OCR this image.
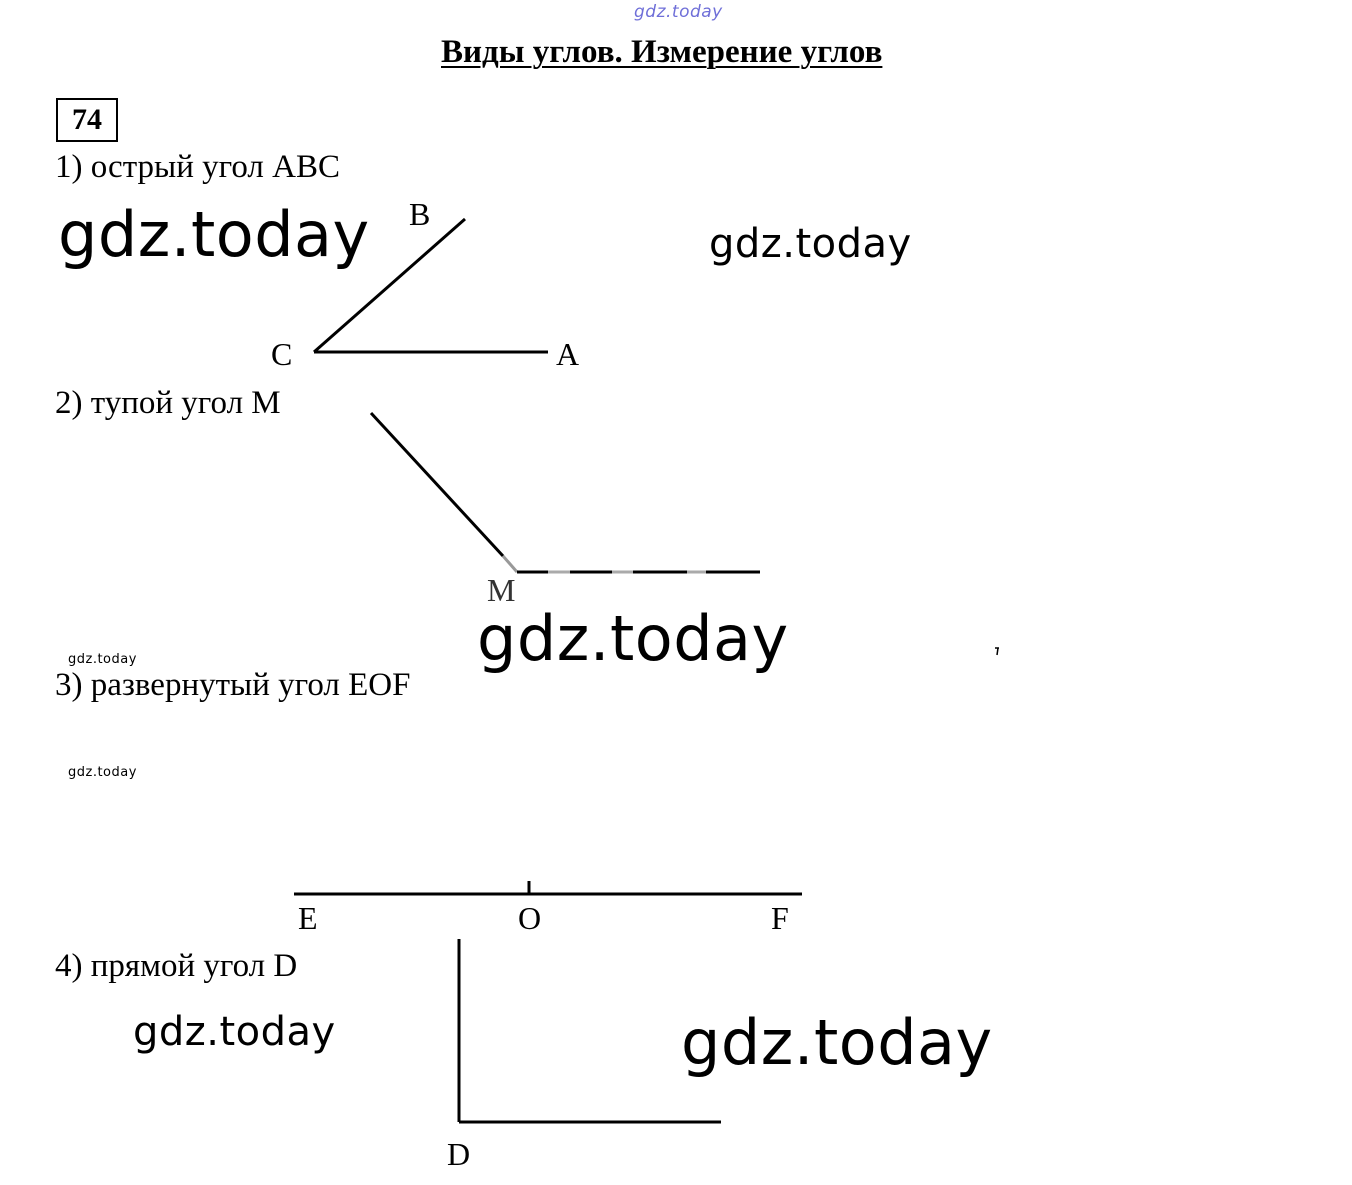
gdz.today
gdz.today	gdz.today
gdz.today
gdz.today
gdz.today
gdz.today	gdz.today
Виды углов. Измерение углов
74
1) острый угол ABC
2) тупой угол М
3) развернутый угол EOF
4) прямой угол D
B
C	A
M
E	O	F
D
